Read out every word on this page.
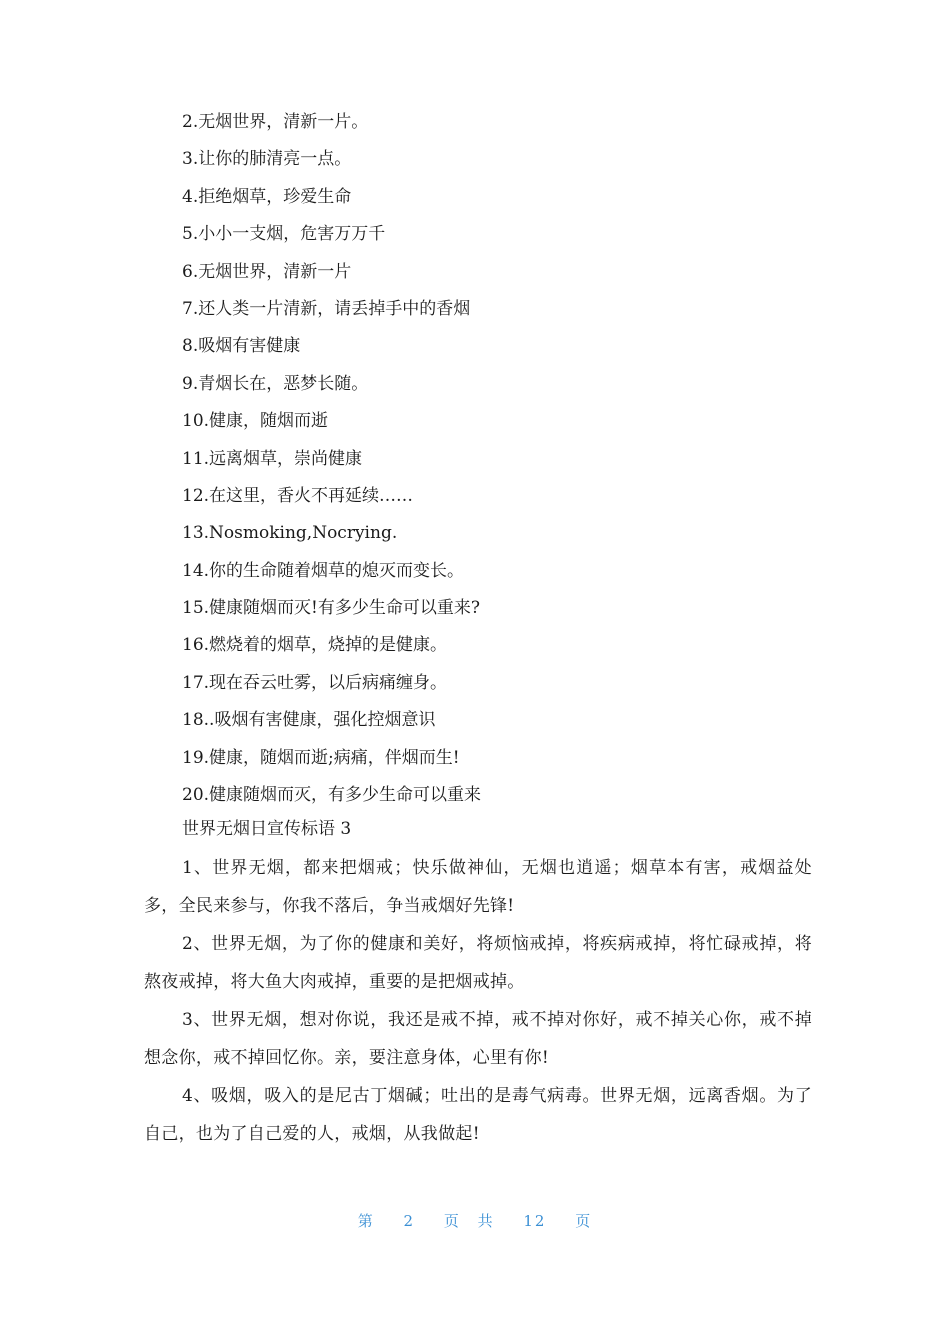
2.无烟世界，清新一片。
3.让你的肺清亮一点。
4.拒绝烟草，珍爱生命
5.小小一支烟，危害万万千
6.无烟世界，清新一片
7.还人类一片清新，请丢掉手中的香烟
8.吸烟有害健康
9.青烟长在，恶梦长随。
10.健康，随烟而逝
11.远离烟草，崇尚健康
12.在这里，香火不再延续……
13.Nosmoking,Nocrying.
14.你的生命随着烟草的熄灭而变长。
15.健康随烟而灭!有多少生命可以重来?
16.燃烧着的烟草，烧掉的是健康。
17.现在吞云吐雾，以后病痛缠身。
18..吸烟有害健康，强化控烟意识
19.健康，随烟而逝;病痛，伴烟而生!
20.健康随烟而灭，有多少生命可以重来
世界无烟日宣传标语 3

1、世界无烟，都来把烟戒；快乐做神仙，无烟也逍遥；烟草本有害，戒烟益处多，全民来参与，你我不落后，争当戒烟好先锋!

2、世界无烟，为了你的健康和美好，将烦恼戒掉，将疾病戒掉，将忙碌戒掉，将熬夜戒掉，将大鱼大肉戒掉，重要的是把烟戒掉。

3、世界无烟，想对你说，我还是戒不掉，戒不掉对你好，戒不掉关心你，戒不掉想念你，戒不掉回忆你。亲，要注意身体，心里有你!

4、吸烟，吸入的是尼古丁烟碱；吐出的是毒气病毒。世界无烟，远离香烟。为了自己，也为了自己爱的人，戒烟，从我做起!

第 2 页 共 12 页
